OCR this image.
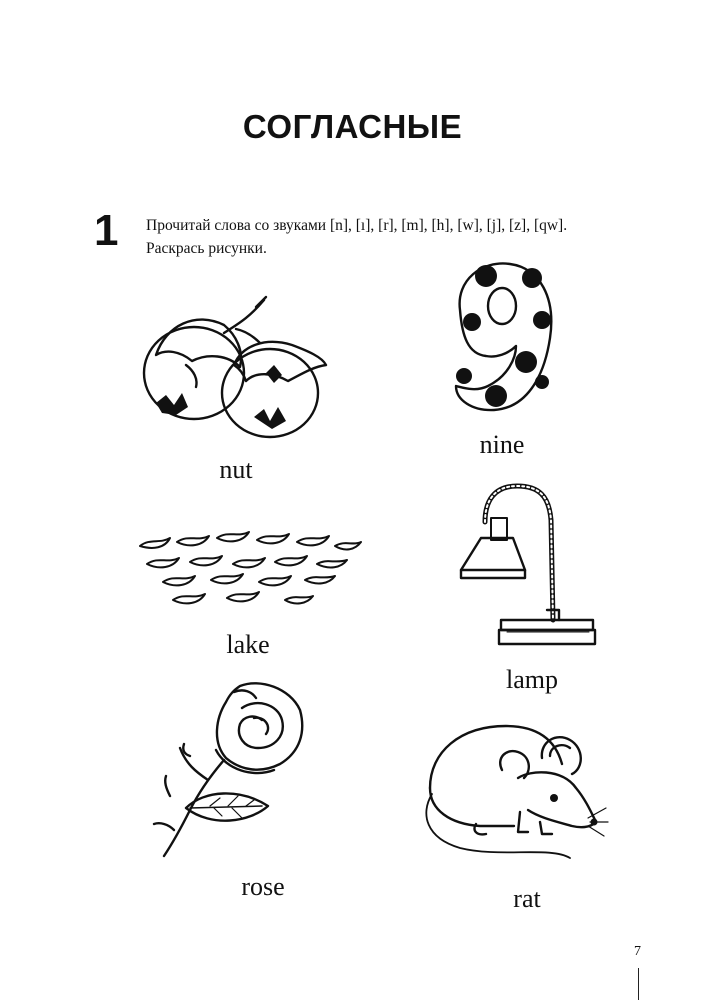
СОГЛАСНЫЕ
1 Прочитай слова со звуками [n], [ı], [r], [m], [h], [w], [j], [z], [qw].
Раскрась рисунки.
nut
nine
lake
lamp
rose	rat
7
